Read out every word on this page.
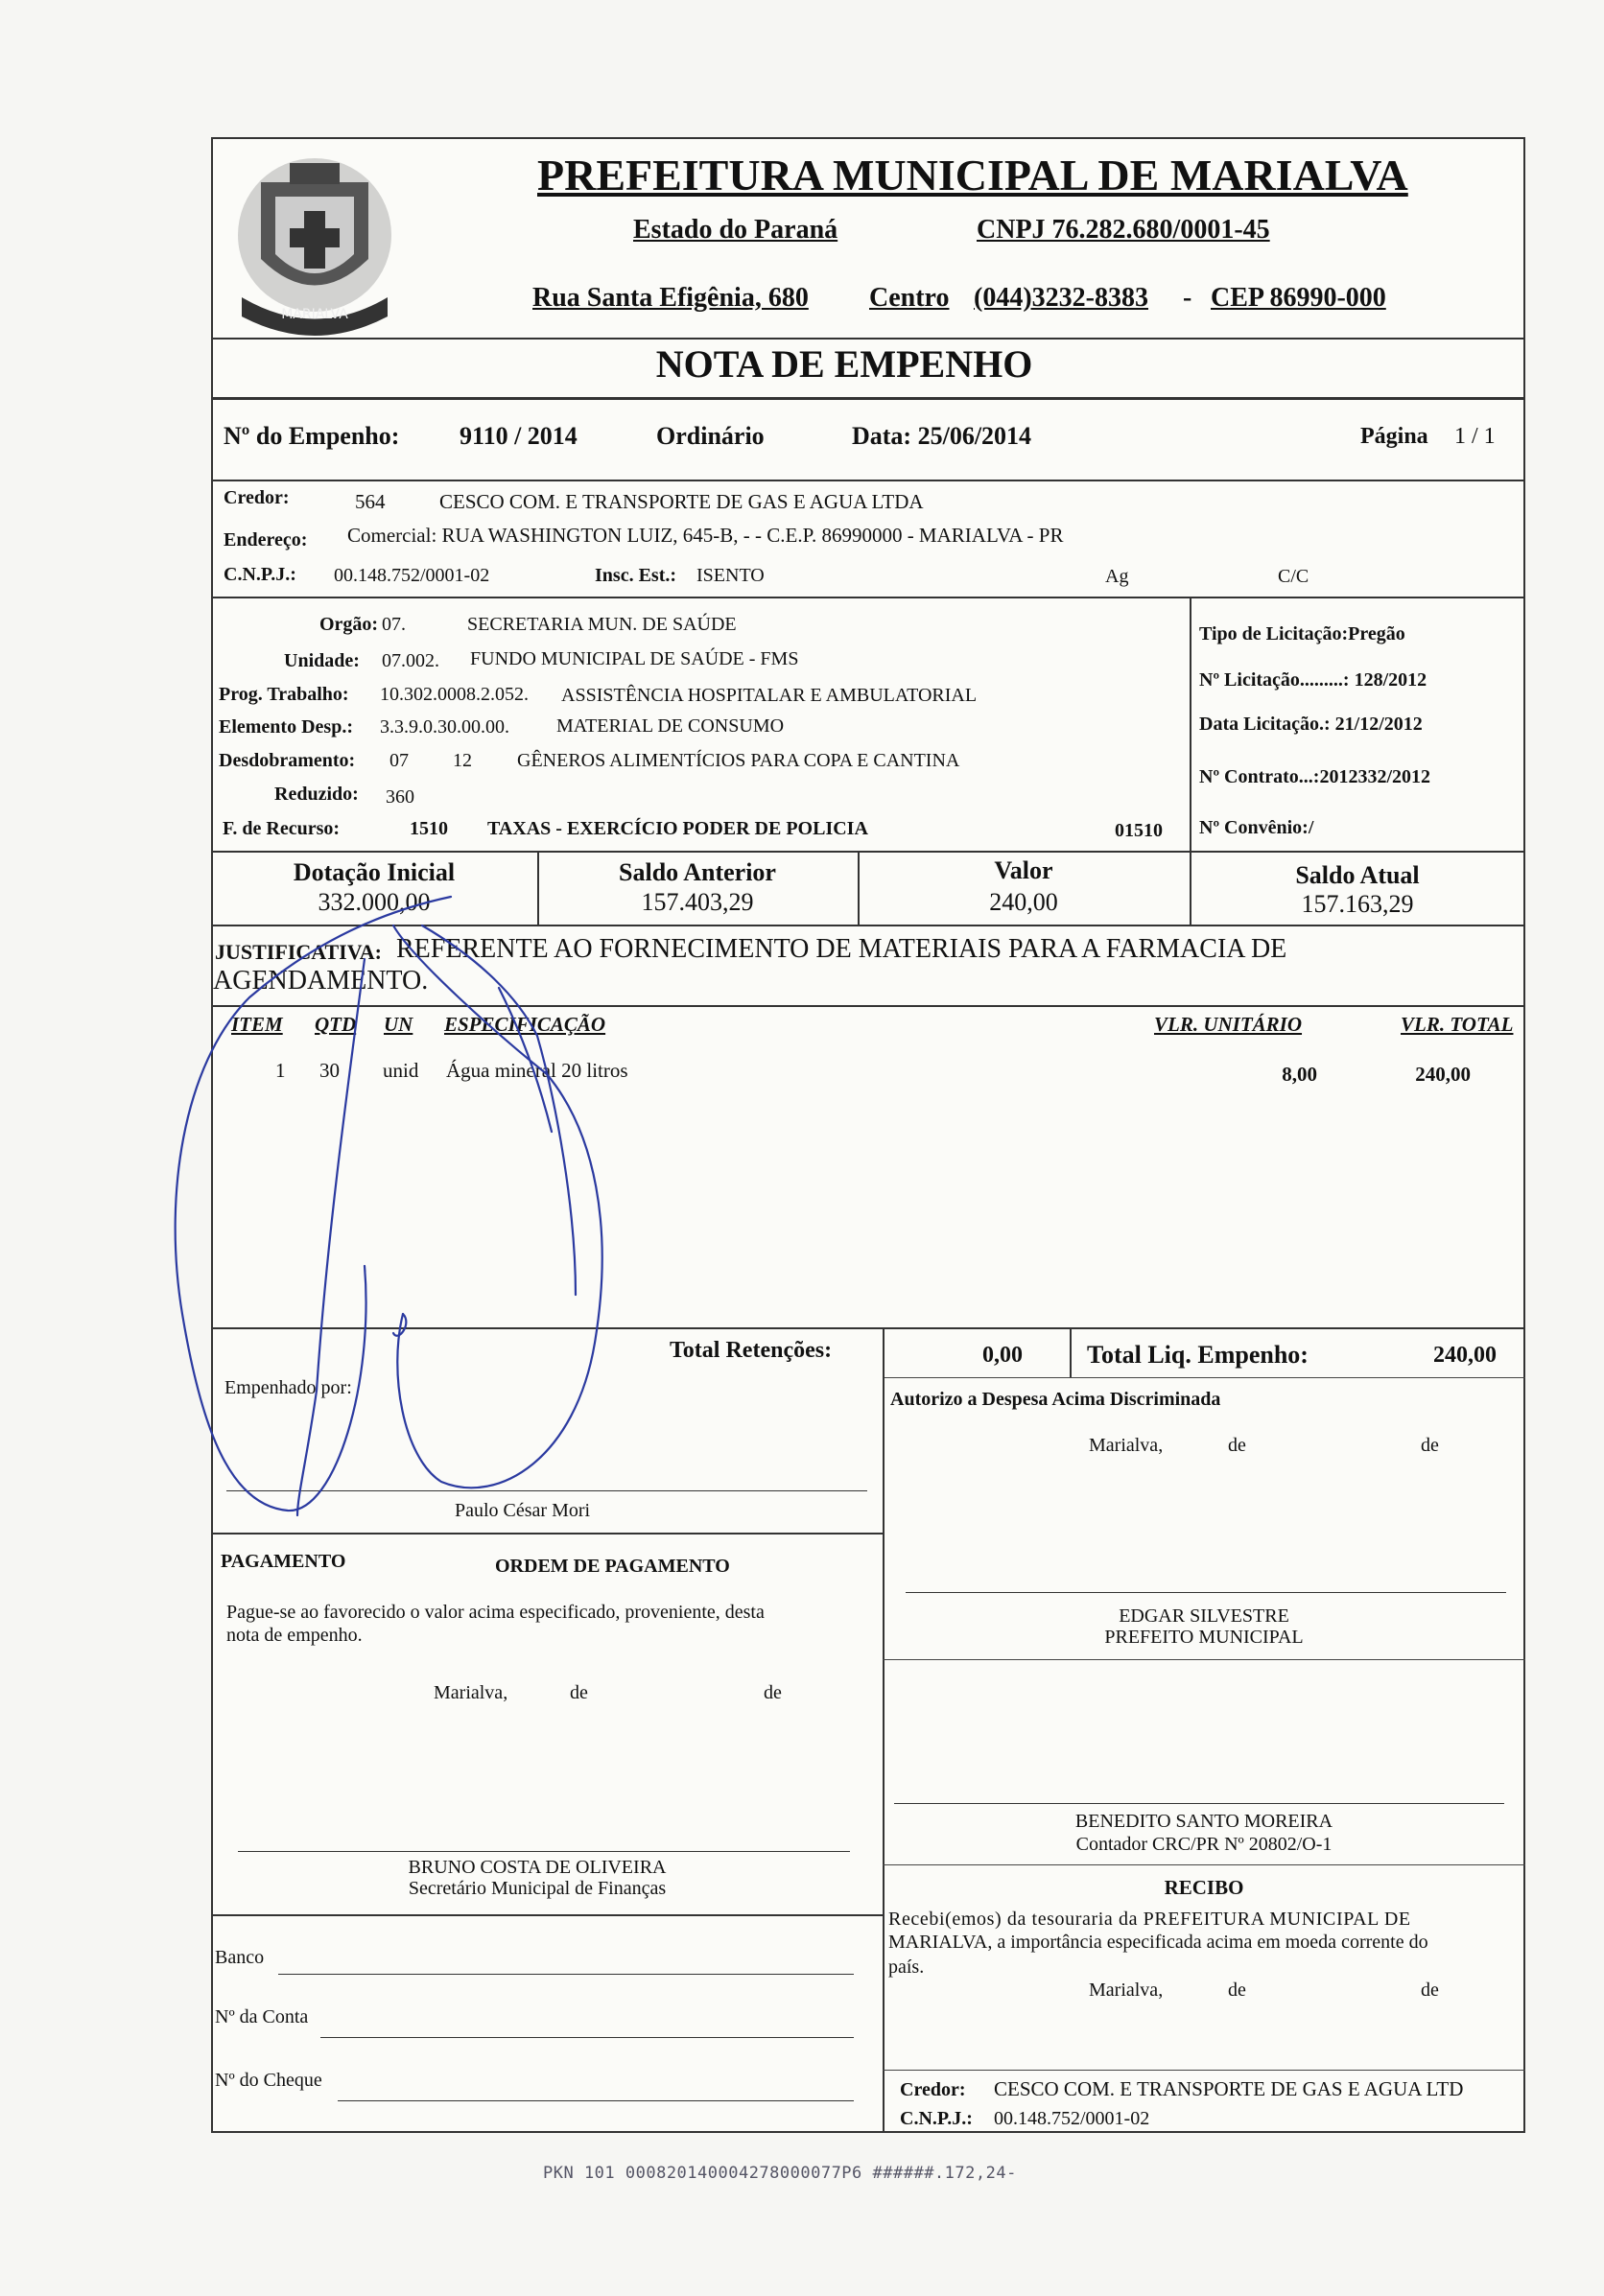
MARIALVA
PREFEITURA MUNICIPAL DE MARIALVA
Estado do Paraná	CNPJ 76.282.680/0001-45
Rua Santa Efigênia, 680 Centro (044)3232-8383 - CEP 86990-000
NOTA DE EMPENHO
Nº do Empenho: 9110 / 2014	Ordinário	Data: 25/06/2014	Página 1 / 1
Credor:	564	CESCO COM. E TRANSPORTE DE GAS E AGUA LTDA
Endereço: Comercial: RUA WASHINGTON LUIZ, 645-B, - - C.E.P. 86990000 - MARIALVA - PR
C.N.P.J.: 00.148.752/0001-02	Insc. Est.: ISENTO	Ag	C/C
Orgão: 07.	SECRETARIA MUN. DE SAÚDE
Unidade: 07.002. FUNDO MUNICIPAL DE SAÚDE - FMS
Prog. Trabalho: 10.302.0008.2.052. ASSISTÊNCIA HOSPITALAR E AMBULATORIAL
Elemento Desp.: 3.3.9.0.30.00.00. MATERIAL DE CONSUMO
Desdobramento: 07 12 GÊNEROS ALIMENTÍCIOS PARA COPA E CANTINA
Reduzido: 360
F. de Recurso:	1510 TAXAS - EXERCÍCIO PODER DE POLICIA	01510
Tipo de Licitação:Pregão
Nº Licitação.........: 128/2012
Data Licitação.: 21/12/2012
Nº Contrato...:2012332/2012
Nº Convênio:/
Dotação Inicial
332.000,00
Saldo Anterior
157.403,29
Valor
240,00
Saldo Atual
157.163,29
JUSTIFICATIVA: REFERENTE AO FORNECIMENTO DE MATERIAIS PARA A FARMACIA DE
AGENDAMENTO.
ITEM QTD UN ESPECIFICAÇÃO	VLR. UNITÁRIO	VLR. TOTAL
1 30 unid Água mineral 20 litros	8,00	240,00
Total Retenções:	0,00	Total Liq. Empenho:	240,00
Empenhado por:
Paulo César Mori
Autorizo a Despesa Acima Discriminada
Marialva,	de	de
EDGAR SILVESTRE
PREFEITO MUNICIPAL
PAGAMENTO	ORDEM DE PAGAMENTO
Pague-se ao favorecido o valor acima especificado, proveniente, desta
nota de empenho.
Marialva,	de	de
BRUNO COSTA DE OLIVEIRA
Secretário Municipal de Finanças
BENEDITO SANTO MOREIRA
Contador CRC/PR Nº 20802/O-1
RECIBO
Recebi(emos) da tesouraria da PREFEITURA MUNICIPAL DE
MARIALVA, a importância especificada acima em moeda corrente do
país.
Marialva,	de	de
Banco
Nº da Conta
Nº do Cheque	Credor: CESCO COM. E TRANSPORTE DE GAS E AGUA LTD
C.N.P.J.: 00.148.752/0001-02
PKN 101 000820140004278000077P6 ######.172,24-
